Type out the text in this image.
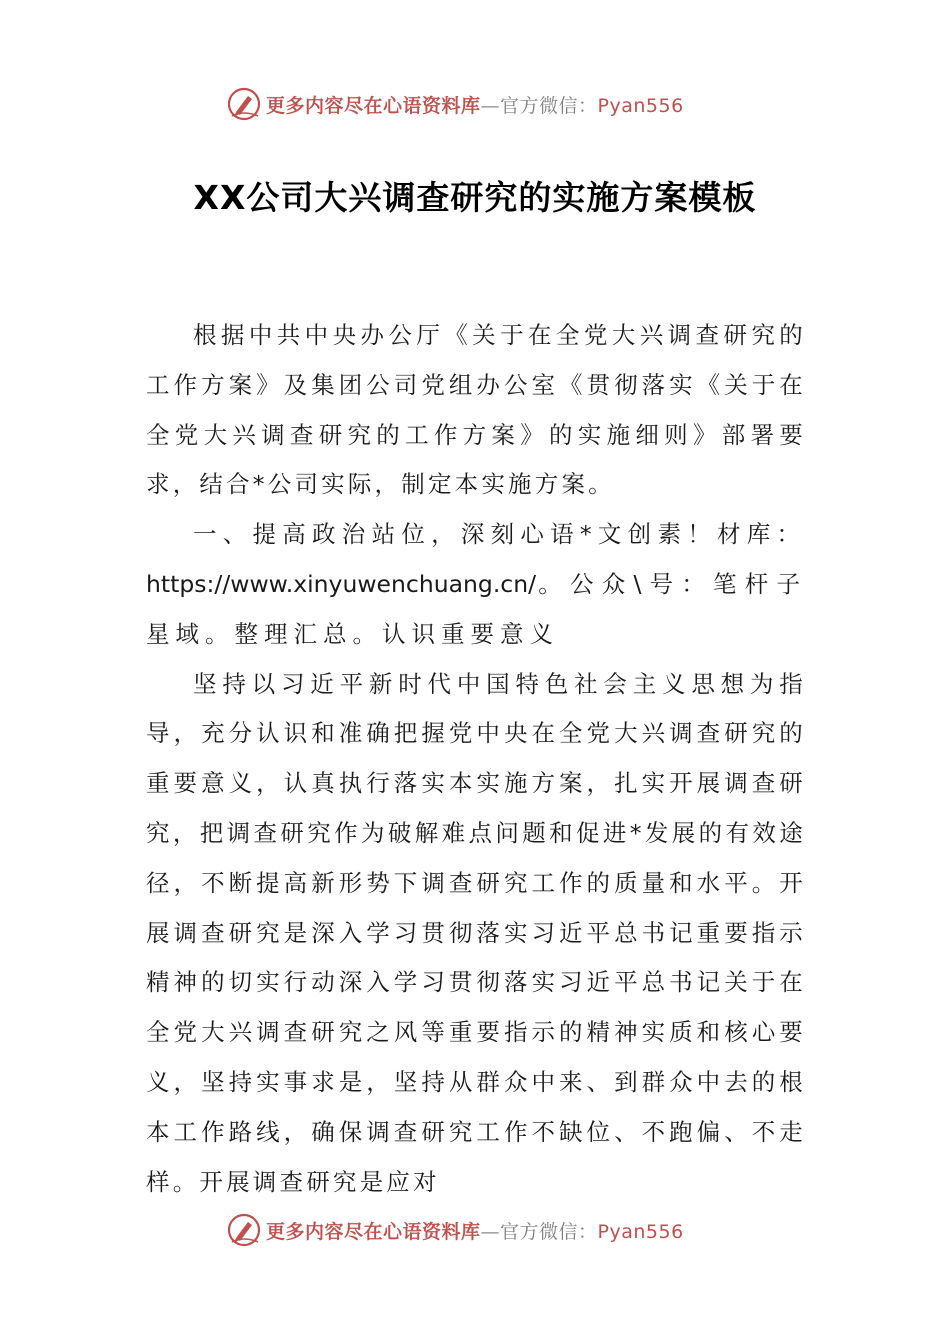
更多内容尽在心语资料库—官方微信：Pyan556
XX公司大兴调查研究的实施方案模板

根据中共中央办公厅《关于在全党大兴调查研究的工作方案》及集团公司党组办公室《贯彻落实《关于在全党大兴调查研究的工作方案》的实施细则》部署要求，结合*公司实际，制定本实施方案。

一、提高政治站位，深刻心语*文创素！材库：https://www.xinyuwenchuang.cn/。公众\号：笔杆子星域。整理汇总。认识重要意义

坚持以习近平新时代中国特色社会主义思想为指导，充分认识和准确把握党中央在全党大兴调查研究的重要意义，认真执行落实本实施方案，扎实开展调查研究，把调查研究作为破解难点问题和促进*发展的有效途径，不断提高新形势下调查研究工作的质量和水平。开展调查研究是深入学习贯彻落实习近平总书记重要指示精神的切实行动深入学习贯彻落实习近平总书记关于在全党大兴调查研究之风等重要指示的精神实质和核心要义，坚持实事求是，坚持从群众中来、到群众中去的根本工作路线，确保调查研究工作不缺位、不跑偏、不走样。开展调查研究是应对

更多内容尽在心语资料库—官方微信：Pyan556
